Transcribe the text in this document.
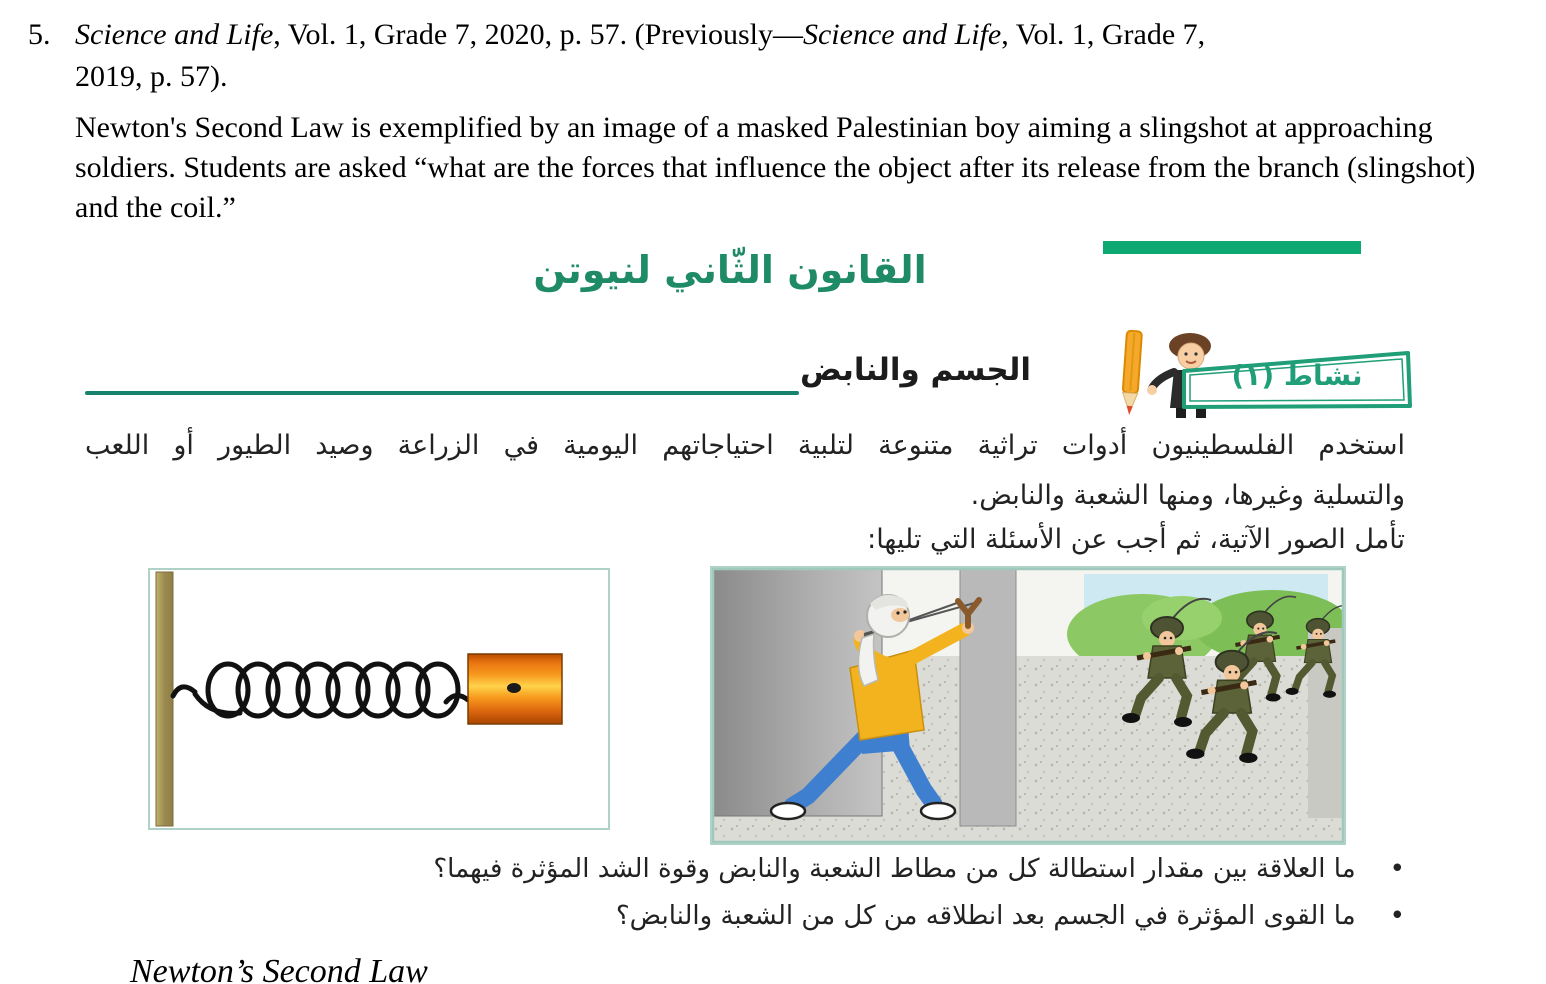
5. Science and Life, Vol. 1, Grade 7, 2020, p. 57. (Previously—Science and Life, Vol. 1, Grade 7,
2019, p. 57).
Newton's Second Law is exemplified by an image of a masked Palestinian boy aiming a slingshot at approaching soldiers. Students are asked “what are the forces that influence the object after its release from the branch (slingshot) and the coil.”
القانون الثّاني لنيوتن
نشاط (١)
الجسم والنابض
استخدم الفلسطينيون أدوات تراثية متنوعة لتلبية احتياجاتهم اليومية في الزراعة وصيد الطيور أو اللعب
والتسلية وغيرها، ومنها الشعبة والنابض.
تأمل الصور الآتية، ثم أجب عن الأسئلة التي تليها:
•
ما العلاقة بين مقدار استطالة كل من مطاط الشعبة والنابض وقوة الشد المؤثرة فيهما؟
•
ما القوى المؤثرة في الجسم بعد انطلاقه من كل من الشعبة والنابض؟
Newton’s Second Law
